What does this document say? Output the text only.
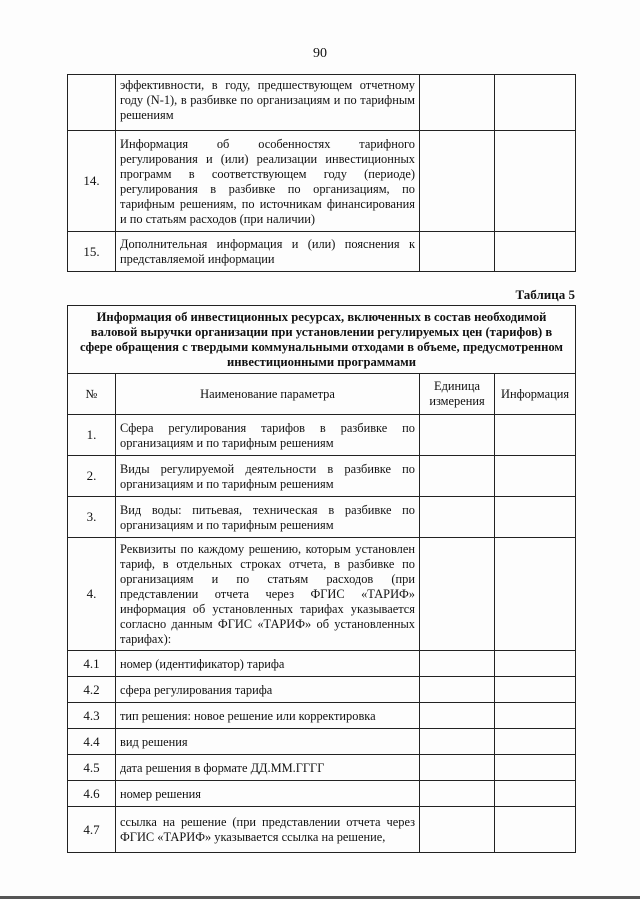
90
	эффективности, в году, предшествующем отчетному году (N-1), в разбивке по организациям и по тарифным решениям		
14.	Информация об особенностях тарифного регулирования и (или) реализации инвестиционных программ в соответствующем году (периоде) регулирования в разбивке по организациям, по тарифным решениям, по источникам финансирования и по статьям расходов (при наличии)		
15.	Дополнительная информация и (или) пояснения к представляемой информации		
Таблица 5
Информация об инвестиционных ресурсах, включенных в состав необходимой валовой выручки организации при установлении регулируемых цен (тарифов) в сфере обращения с твердыми коммунальными отходами в объеме, предусмотренном инвестиционными программами			
№	Наименование параметра	Единица измерения	Информация
1.	Сфера регулирования тарифов в разбивке по организациям и по тарифным решениям		
2.	Виды регулируемой деятельности в разбивке по организациям и по тарифным решениям		
3.	Вид воды: питьевая, техническая в разбивке по организациям и по тарифным решениям		
4.	Реквизиты по каждому решению, которым установлен тариф, в отдельных строках отчета, в разбивке по организациям и по статьям расходов (при представлении отчета через ФГИС «ТАРИФ» информация об установленных тарифах указывается согласно данным ФГИС «ТАРИФ» об установленных тарифах):		
4.1	номер (идентификатор) тарифа		
4.2	сфера регулирования тарифа		
4.3	тип решения: новое решение или корректировка		
4.4	вид решения		
4.5	дата решения в формате ДД.ММ.ГГГГ		
4.6	номер решения		
4.7	ссылка на решение (при представлении отчета через ФГИС «ТАРИФ» указывается ссылка на решение,		
